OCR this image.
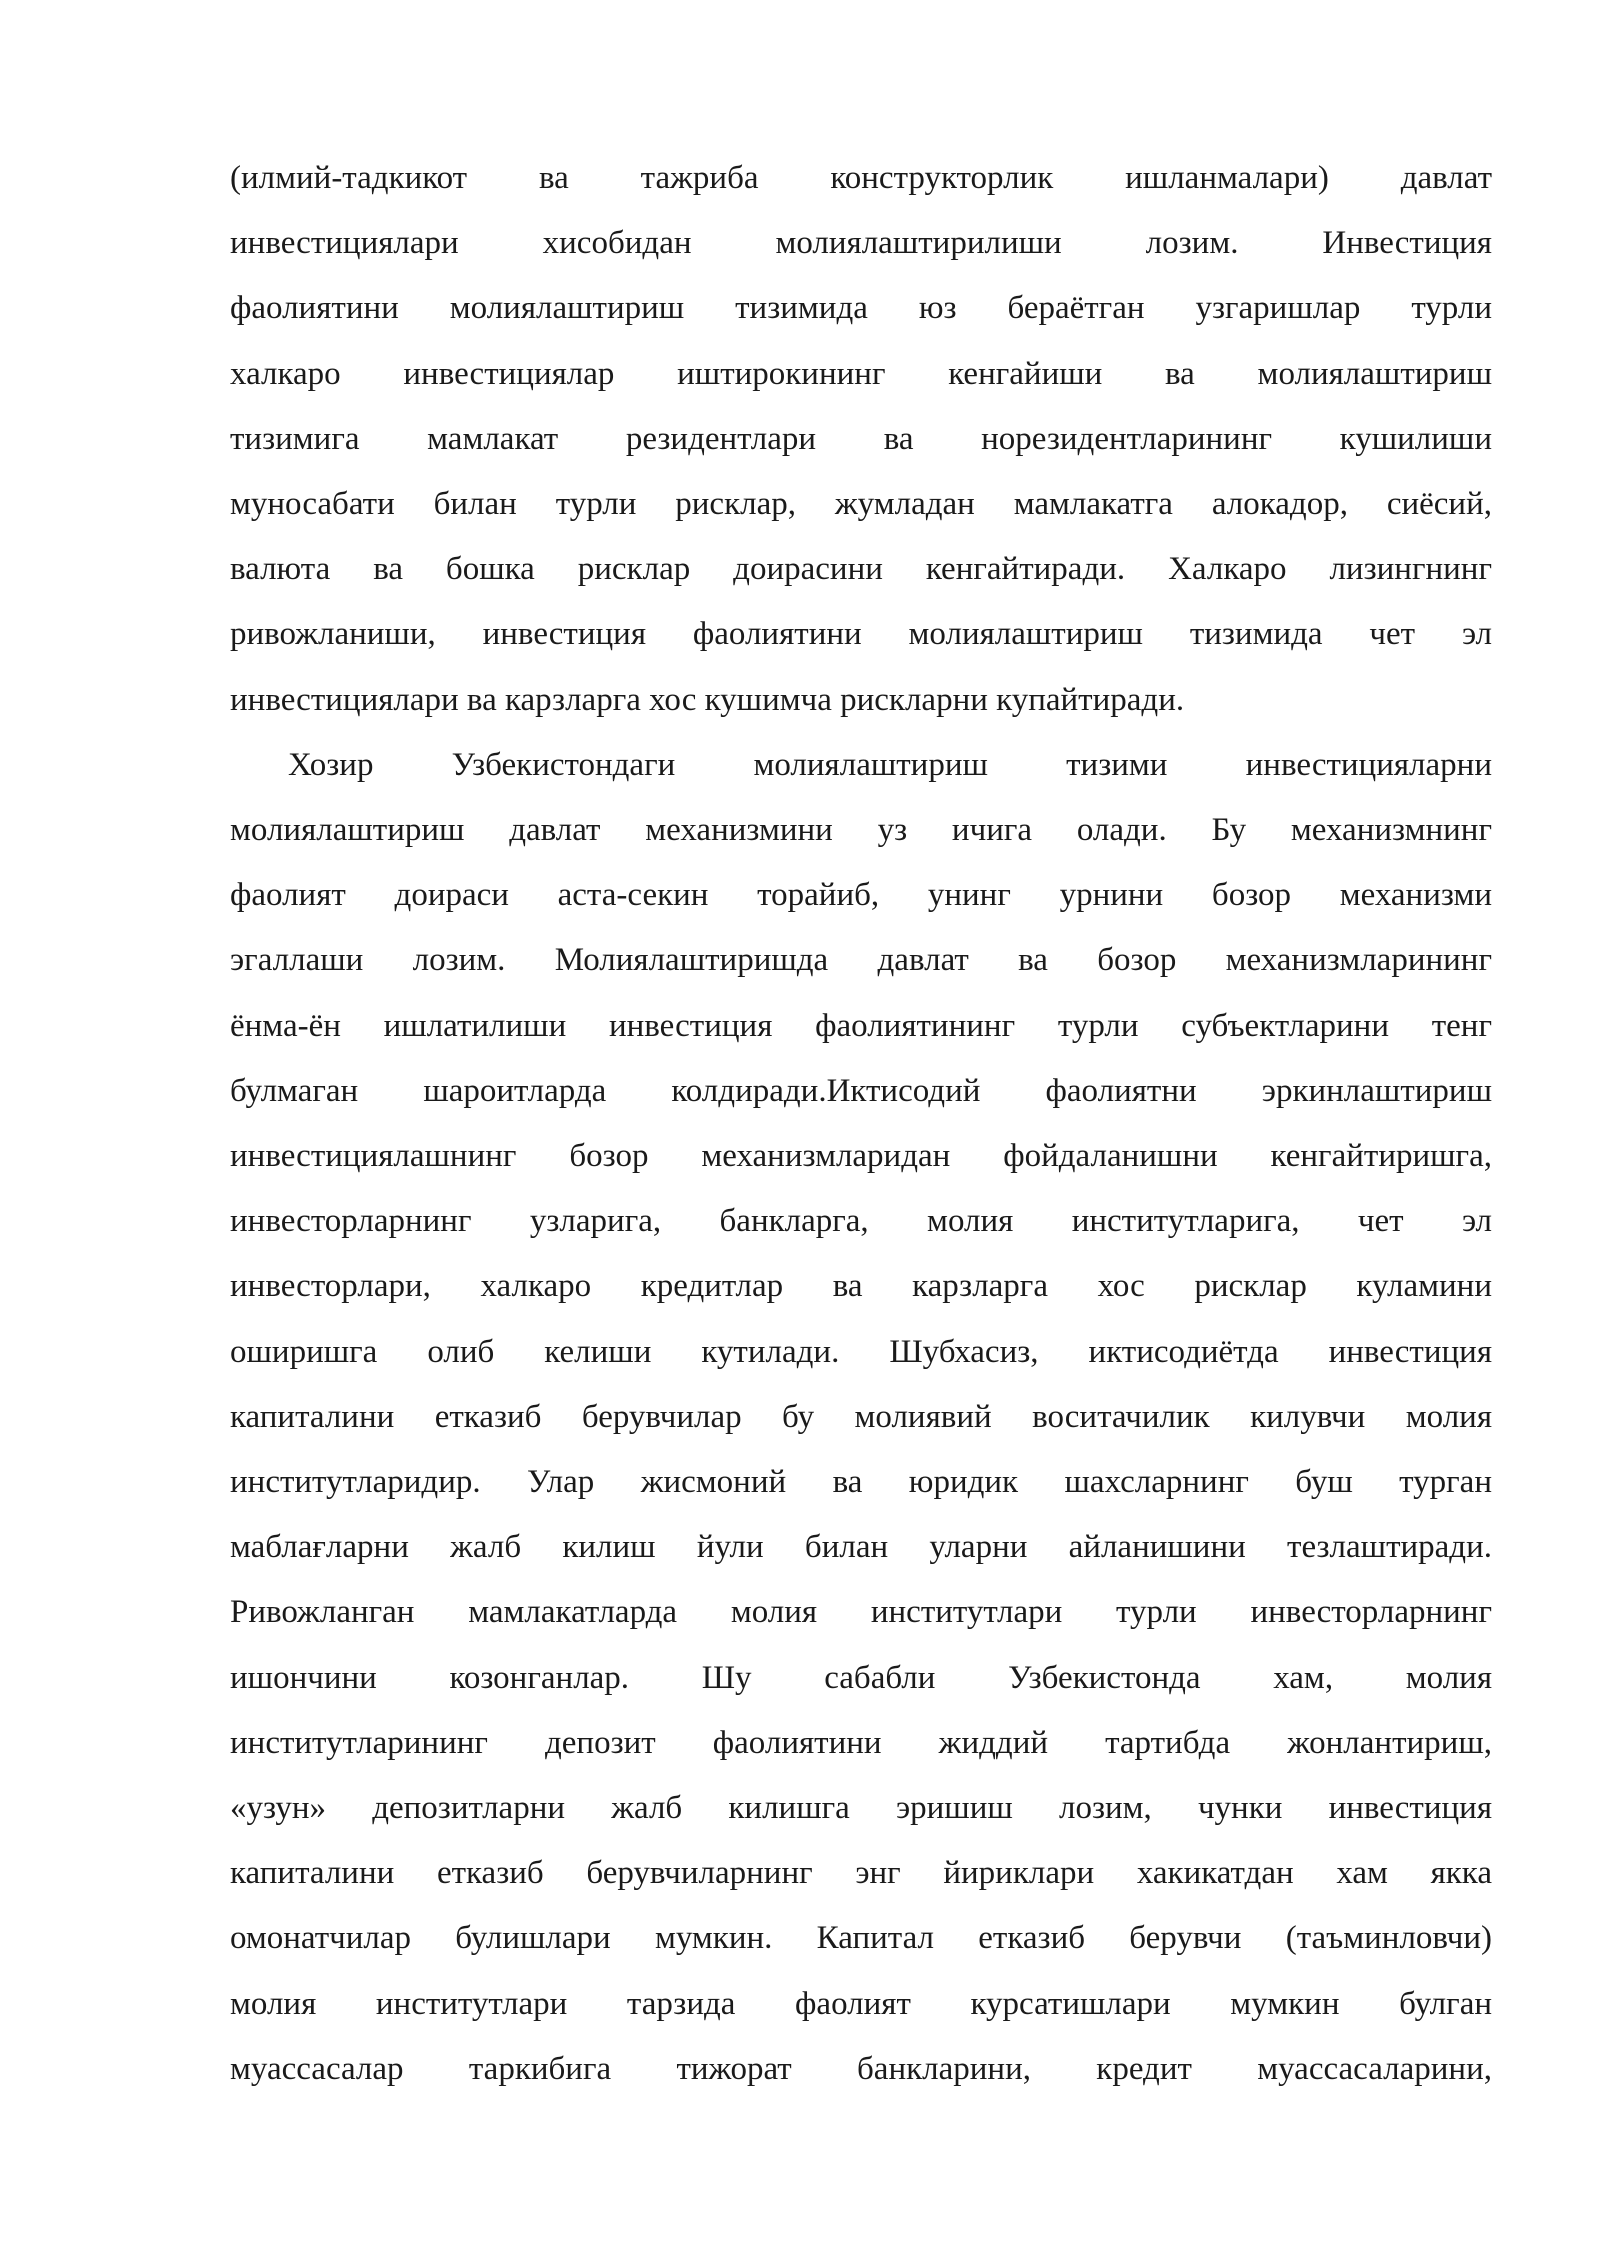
(илмий-тадкикот ва тажриба конструкторлик ишланмалари) давлат
инвестициялари хисобидан молиялаштирилиши лозим. Инвестиция
фаолиятини молиялаштириш тизимида юз бераётган узгаришлар турли
халкаро инвестициялар иштирокининг кенгайиши ва молиялаштириш
тизимига мамлакат резидентлари ва норезидентларининг кушилиши
муносабати билан турли рисклар, жумладан мамлакатга алокадор, сиёсий,
валюта ва бошка рисклар доирасини кенгайтиради. Халкаро лизингнинг
ривожланиши, инвестиция фаолиятини молиялаштириш тизимида чет эл
инвестициялари ва карзларга хос кушимча рискларни купайтиради.

Хозир Узбекистондаги молиялаштириш тизими инвестицияларни
молиялаштириш давлат механизмини уз ичига олади. Бу механизмнинг
фаолият доираси аста-секин торайиб, унинг урнини бозор механизми
эгаллаши лозим. Молиялаштиришда давлат ва бозор механизмларининг
ёнма-ён ишлатилиши инвестиция фаолиятининг турли субъектларини тенг
булмаган шароитларда колдиради.Иктисодий фаолиятни эркинлаштириш
инвестициялашнинг бозор механизмларидан фойдаланишни кенгайтиришга,
инвесторларнинг узларига, банкларга, молия институтларига, чет эл
инвесторлари, халкаро кредитлар ва карзларга хос рисклар куламини
оширишга олиб келиши кутилади. Шубхасиз, иктисодиётда инвестиция
капиталини етказиб берувчилар бу молиявий воситачилик килувчи молия
институтларидир. Улар жисмоний ва юридик шахсларнинг буш турган
маблағларни жалб килиш йули билан уларни айланишини тезлаштиради.
Ривожланган мамлакатларда молия институтлари турли инвесторларнинг
ишончини козонганлар. Шу сабабли Узбекистонда хам, молия
институтларининг депозит фаолиятини жиддий тартибда жонлантириш,
«узун» депозитларни жалб килишга эришиш лозим, чунки инвестиция
капиталини етказиб берувчиларнинг энг йириклари хакикатдан хам якка
омонатчилар булишлари мумкин. Капитал етказиб берувчи (таъминловчи)
молия институтлари тарзида фаолият курсатишлари мумкин булган
муассасалар таркибига тижорат банкларини, кредит муассасаларини,
